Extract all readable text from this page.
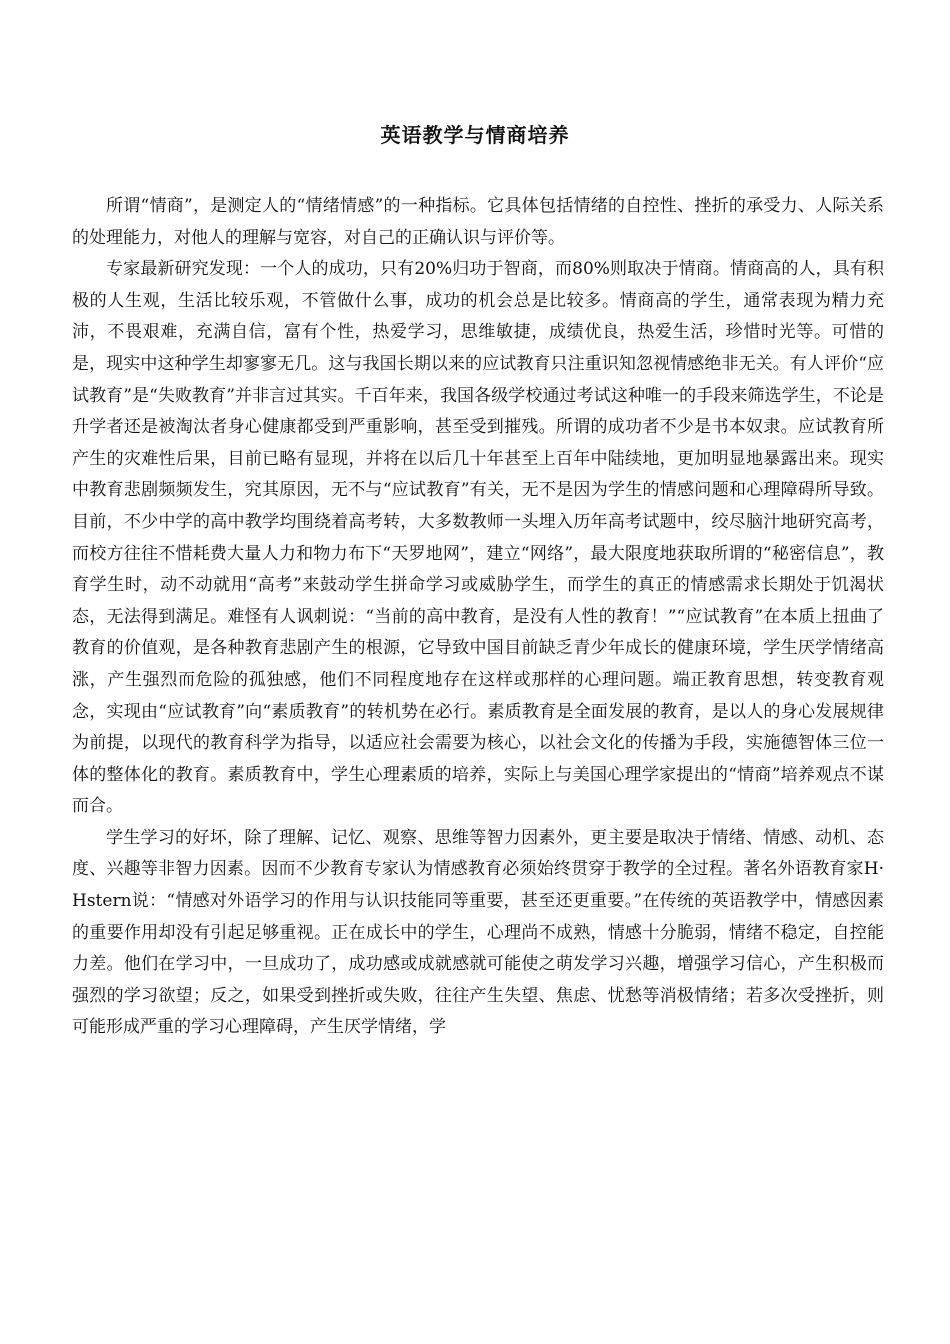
英语教学与情商培养

所谓“情商”，是测定人的“情绪情感”的一种指标。它具体包括情绪的自控性、挫折的承受力、人际关系的处理能力，对他人的理解与宽容，对自己的正确认识与评价等。

专家最新研究发现：一个人的成功，只有20%归功于智商，而80%则取决于情商。情商高的人，具有积极的人生观，生活比较乐观，不管做什么事，成功的机会总是比较多。情商高的学生，通常表现为精力充沛，不畏艰难，充满自信，富有个性，热爱学习，思维敏捷，成绩优良，热爱生活，珍惜时光等。可惜的是，现实中这种学生却寥寥无几。这与我国长期以来的应试教育只注重识知忽视情感绝非无关。有人评价“应试教育”是“失败教育”并非言过其实。千百年来，我国各级学校通过考试这种唯一的手段来筛选学生，不论是升学者还是被淘汰者身心健康都受到严重影响，甚至受到摧残。所谓的成功者不少是书本奴隶。应试教育所产生的灾难性后果，目前已略有显现，并将在以后几十年甚至上百年中陆续地，更加明显地暴露出来。现实中教育悲剧频频发生，究其原因，无不与“应试教育”有关，无不是因为学生的情感问题和心理障碍所导致。目前，不少中学的高中教学均围绕着高考转，大多数教师一头埋入历年高考试题中，绞尽脑汁地研究高考，而校方往往不惜耗费大量人力和物力布下“天罗地网”，建立“网络”，最大限度地获取所谓的“秘密信息”，教育学生时，动不动就用“高考”来鼓动学生拼命学习或威胁学生，而学生的真正的情感需求长期处于饥渴状态，无法得到满足。难怪有人讽刺说：“当前的高中教育，是没有人性的教育！”“应试教育”在本质上扭曲了教育的价值观，是各种教育悲剧产生的根源，它导致中国目前缺乏青少年成长的健康环境，学生厌学情绪高涨，产生强烈而危险的孤独感，他们不同程度地存在这样或那样的心理问题。端正教育思想，转变教育观念，实现由“应试教育”向“素质教育”的转机势在必行。素质教育是全面发展的教育，是以人的身心发展规律为前提，以现代的教育科学为指导，以适应社会需要为核心，以社会文化的传播为手段，实施德智体三位一体的整体化的教育。素质教育中，学生心理素质的培养，实际上与美国心理学家提出的“情商”培养观点不谋而合。

学生学习的好坏，除了理解、记忆、观察、思维等智力因素外，更主要是取决于情绪、情感、动机、态度、兴趣等非智力因素。因而不少教育专家认为情感教育必须始终贯穿于教学的全过程。著名外语教育家H·Hstern说：“情感对外语学习的作用与认识技能同等重要，甚至还更重要。”在传统的英语教学中，情感因素的重要作用却没有引起足够重视。正在成长中的学生，心理尚不成熟，情感十分脆弱，情绪不稳定，自控能力差。他们在学习中，一旦成功了，成功感或成就感就可能使之萌发学习兴趣，增强学习信心，产生积极而强烈的学习欲望；反之，如果受到挫折或失败，往往产生失望、焦虑、忧愁等消极情绪；若多次受挫折，则可能形成严重的学习心理障碍，产生厌学情绪，学
